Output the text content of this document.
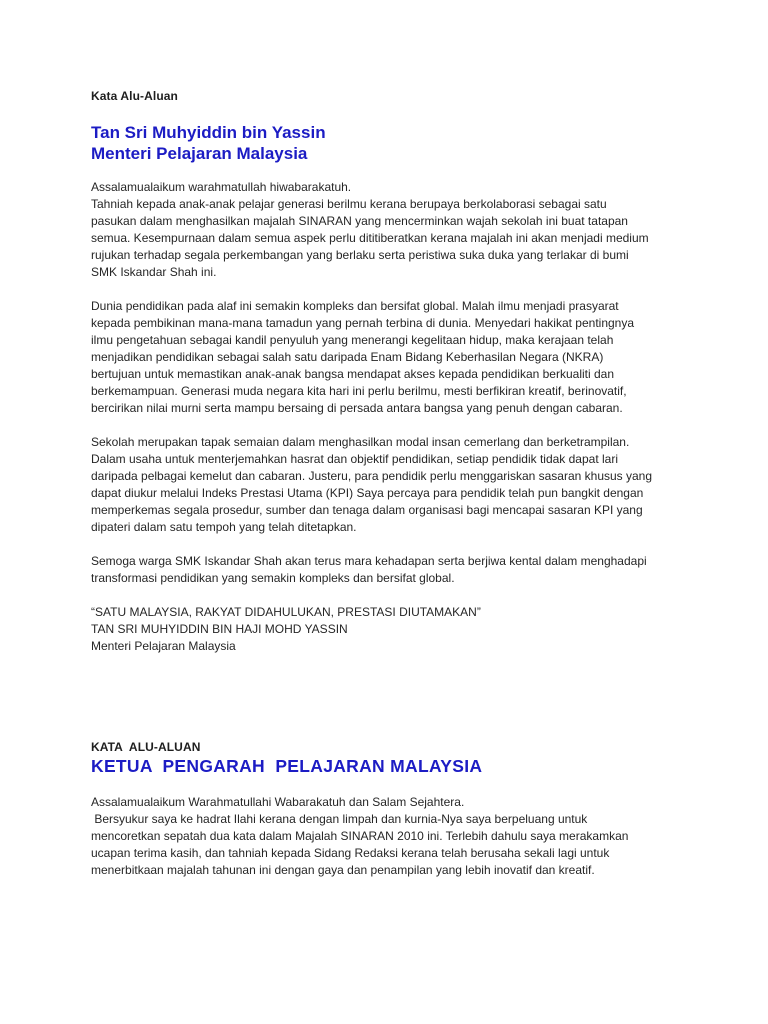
Kata Alu-Aluan

Tan Sri Muhyiddin bin Yassin
Menteri Pelajaran Malaysia
Assalamualaikum warahmatullah hiwabarakatuh.
Tahniah kepada anak-anak pelajar generasi berilmu kerana berupaya berkolaborasi sebagai satu
pasukan dalam menghasilkan majalah SINARAN yang mencerminkan wajah sekolah ini buat tatapan
semua. Kesempurnaan dalam semua aspek perlu dititiberatkan kerana majalah ini akan menjadi medium
rujukan terhadap segala perkembangan yang berlaku serta peristiwa suka duka yang terlakar di bumi
SMK Iskandar Shah ini.
Dunia pendidikan pada alaf ini semakin kompleks dan bersifat global. Malah ilmu menjadi prasyarat
kepada pembikinan mana-mana tamadun yang pernah terbina di dunia. Menyedari hakikat pentingnya
ilmu pengetahuan sebagai kandil penyuluh yang menerangi kegelitaan hidup, maka kerajaan telah
menjadikan pendidikan sebagai salah satu daripada Enam Bidang Keberhasilan Negara (NKRA)
bertujuan untuk memastikan anak-anak bangsa mendapat akses kepada pendidikan berkualiti dan
berkemampuan. Generasi muda negara kita hari ini perlu berilmu, mesti berfikiran kreatif, berinovatif,
bercirikan nilai murni serta mampu bersaing di persada antara bangsa yang penuh dengan cabaran.
Sekolah merupakan tapak semaian dalam menghasilkan modal insan cemerlang dan berketrampilan.
Dalam usaha untuk menterjemahkan hasrat dan objektif pendidikan, setiap pendidik tidak dapat lari
daripada pelbagai kemelut dan cabaran. Justeru, para pendidik perlu menggariskan sasaran khusus yang
dapat diukur melalui Indeks Prestasi Utama (KPI) Saya percaya para pendidik telah pun bangkit dengan
memperkemas segala prosedur, sumber dan tenaga dalam organisasi bagi mencapai sasaran KPI yang
dipateri dalam satu tempoh yang telah ditetapkan.
Semoga warga SMK Iskandar Shah akan terus mara kehadapan serta berjiwa kental dalam menghadapi
transformasi pendidikan yang semakin kompleks dan bersifat global.
“SATU MALAYSIA, RAKYAT DIDAHULUKAN, PRESTASI DIUTAMAKAN”
TAN SRI MUHYIDDIN BIN HAJI MOHD YASSIN
Menteri Pelajaran Malaysia

KATA  ALU-ALUAN

KETUA  PENGARAH  PELAJARAN MALAYSIA

Assalamualaikum Warahmatullahi Wabarakatuh dan Salam Sejahtera.
Bersyukur saya ke hadrat Ilahi kerana dengan limpah dan kurnia-Nya saya berpeluang untuk
mencoretkan sepatah dua kata dalam Majalah SINARAN 2010 ini. Terlebih dahulu saya merakamkan
ucapan terima kasih, dan tahniah kepada Sidang Redaksi kerana telah berusaha sekali lagi untuk
menerbitkaan majalah tahunan ini dengan gaya dan penampilan yang lebih inovatif dan kreatif.
